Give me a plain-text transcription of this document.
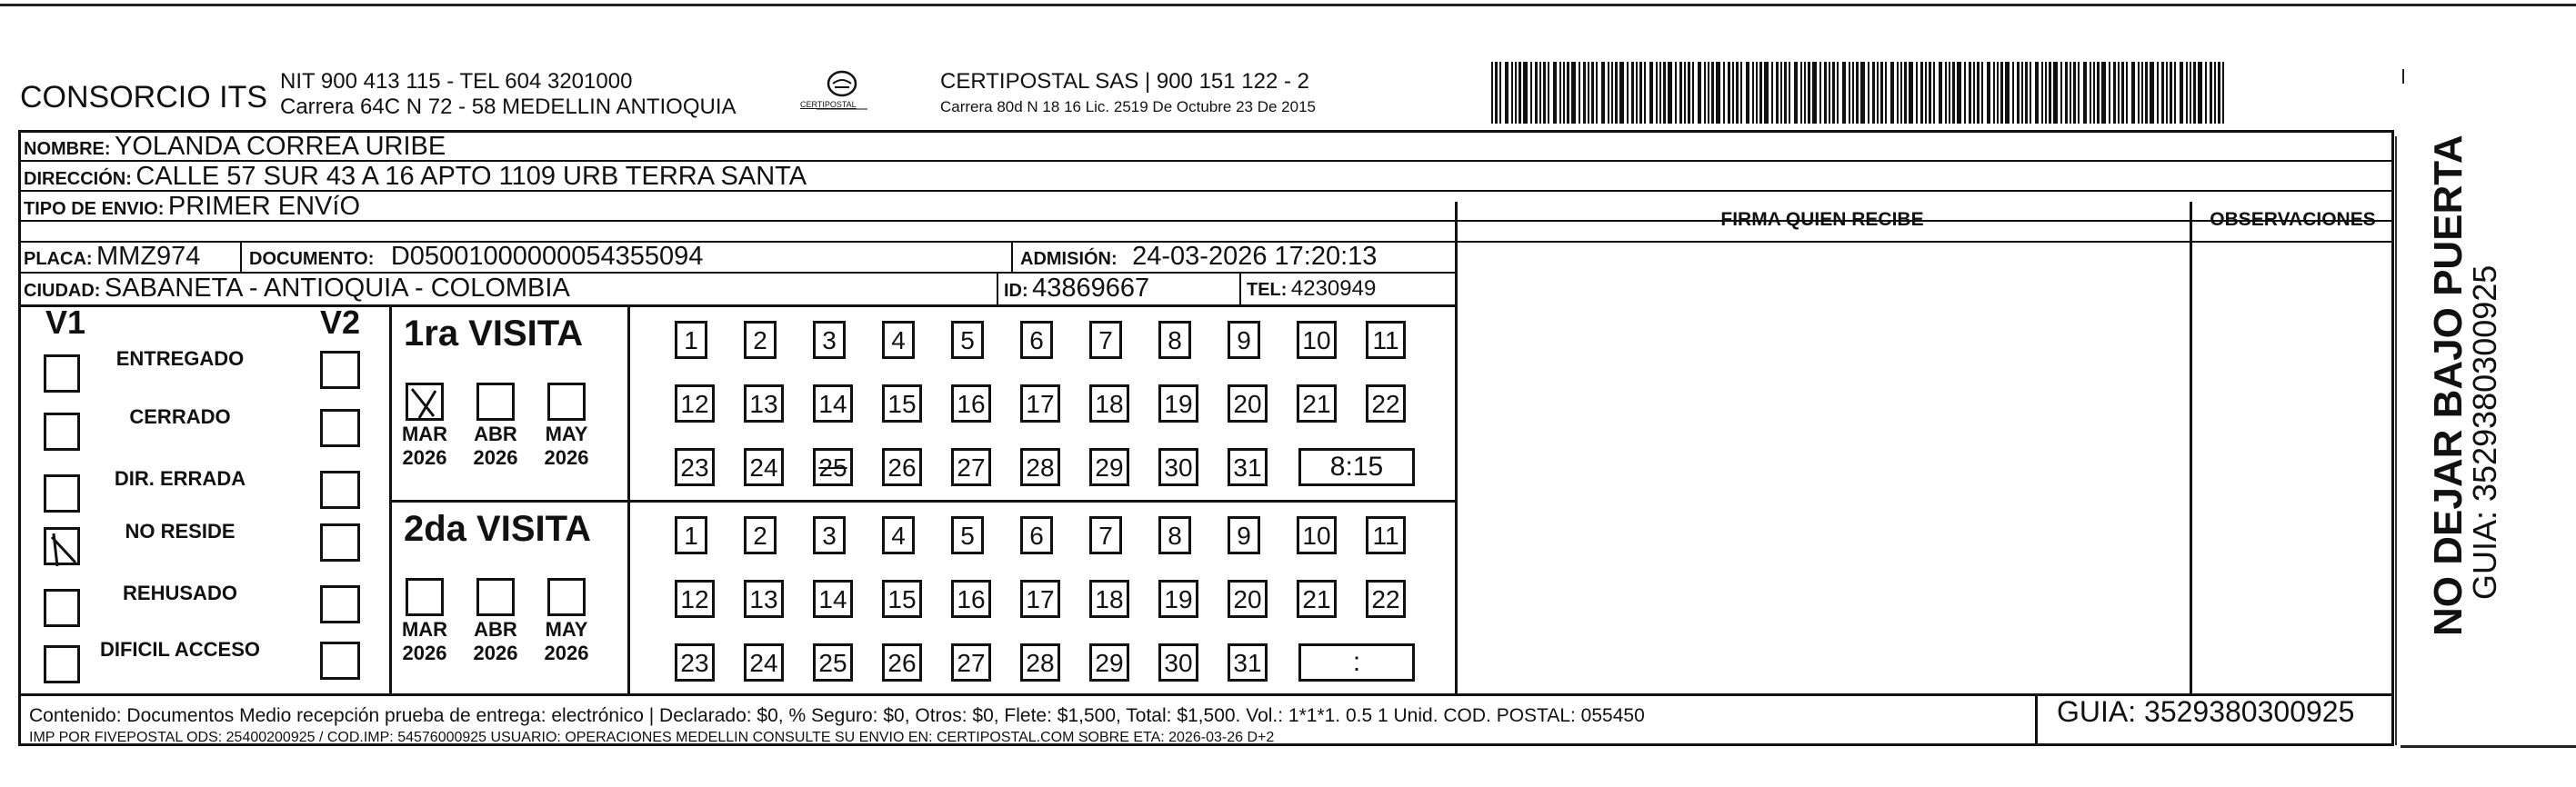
CONSORCIO ITS NIT 900 413 115 - TEL 604 3201000
Carrera 64C N 72 - 58 MEDELLIN ANTIOQUIA	CERTIPOSTAL
CERTIPOSTAL SAS | 900 151 122 - 2
Carrera 80d N 18 16 Lic. 2519 De Octubre 23 De 2015
NOMBRE: YOLANDA CORREA URIBE
DIRECCIÓN: CALLE 57 SUR 43 A 16 APTO 1109 URB TERRA SANTA
TIPO DE ENVIO: PRIMER ENVíO	FIRMA QUIEN RECIBE	OBSERVACIONES
PLACA: MMZ974	DOCUMENTO: D05001000000054355094	ADMISIÓN: 24-03-2026 17:20:13
CIUDAD: SABANETA - ANTIOQUIA - COLOMBIA	ID: 43869667	TEL: 4230949
V1	V2
Contenido: Documentos Medio recepción prueba de entrega: electrónico | Declarado: $0, % Seguro: $0, Otros: $0, Flete: $1,500, Total: $1,500. Vol.: 1*1*1. 0.5 1 Unid. COD. POSTAL: 055450
IMP POR FIVEPOSTAL ODS: 25400200925 / COD.IMP: 54576000925 USUARIO: OPERACIONES MEDELLIN CONSULTE SU ENVIO EN: CERTIPOSTAL.COM SOBRE ETA: 2026-03-26 D+2
GUIA: 3529380300925
NO DEJAR BAJO PUERTA
GUIA: 3529380300925
ENTREGADO
CERRADO
DIR. ERRADA
NO RESIDE
REHUSADO
DIFICIL ACCESO
1ra VISITA
MAR
2026
ABR
2026
MAY
2026
1	2	3	4	5	6	7	8	9	10 11
12 13 14 15 16 17 18 19 20 21 22
23 24 25 26 27 28 29 30 31	8:15
2da VISITA
MAR
2026
ABR
2026
MAY
2026
1	2	3	4	5	6	7	8	9	10 11
12 13 14 15 16 17 18 19 20 21 22
23 24 25 26 27 28 29 30 31	:
